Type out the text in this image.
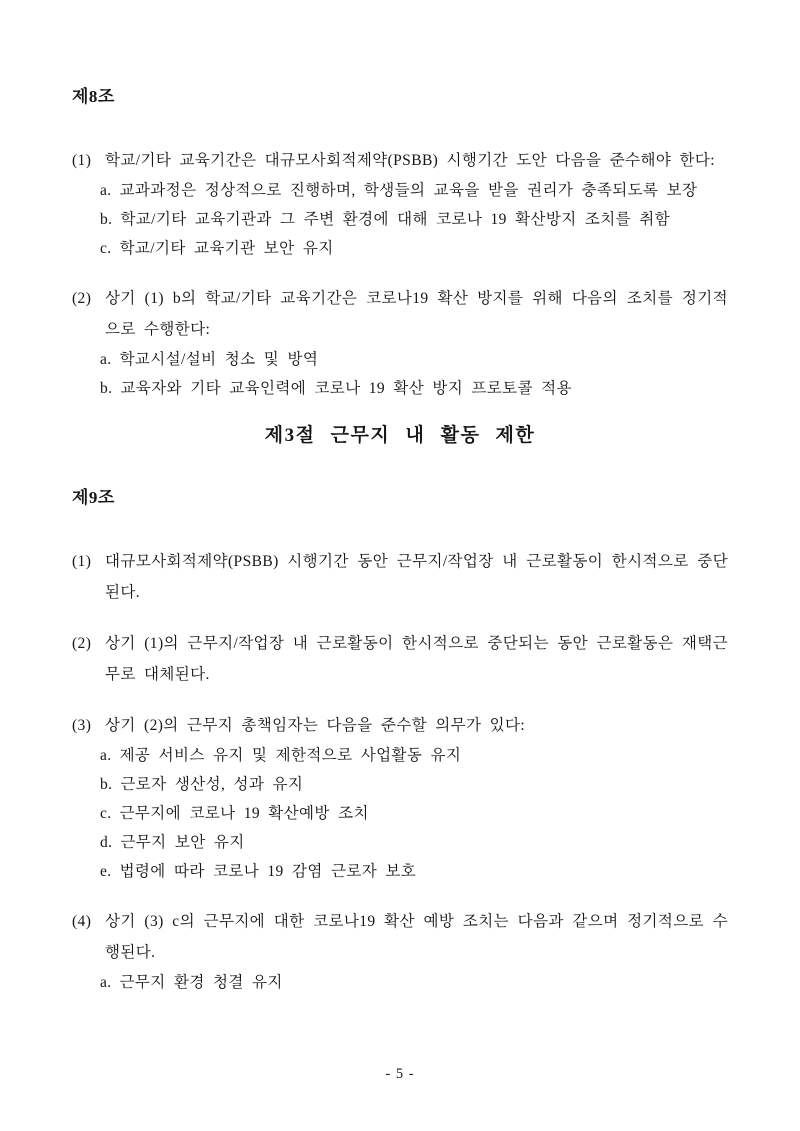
제8조
(1) 학교/기타 교육기간은 대규모사회적제약(PSBB) 시행기간 도안 다음을 준수해야 한다:

a. 교과과정은 정상적으로 진행하며, 학생들의 교육을 받을 권리가 충족되도록 보장
b. 학교/기타 교육기관과 그 주변 환경에 대해 코로나 19 확산방지 조치를 취함
c. 학교/기타 교육기관 보안 유지
(2) 상기 (1) b의 학교/기타 교육기간은 코로나19 확산 방지를 위해 다음의 조치를 정기적으로 수행한다:

a. 학교시설/설비 청소 및 방역
b. 교육자와 기타 교육인력에 코로나 19 확산 방지 프로토콜 적용
제3절 근무지 내 활동 제한
제9조
(1) 대규모사회적제약(PSBB) 시행기간 동안 근무지/작업장 내 근로활동이 한시적으로 중단된다.

(2) 상기 (1)의 근무지/작업장 내 근로활동이 한시적으로 중단되는 동안 근로활동은 재택근무로 대체된다.

(3) 상기 (2)의 근무지 총책임자는 다음을 준수할 의무가 있다:

a. 제공 서비스 유지 및 제한적으로 사업활동 유지
b. 근로자 생산성, 성과 유지
c. 근무지에 코로나 19 확산예방 조치
d. 근무지 보안 유지
e. 법령에 따라 코로나 19 감염 근로자 보호
(4) 상기 (3) c의 근무지에 대한 코로나19 확산 예방 조치는 다음과 같으며 정기적으로 수행된다.

a. 근무지 환경 청결 유지
- 5 -
